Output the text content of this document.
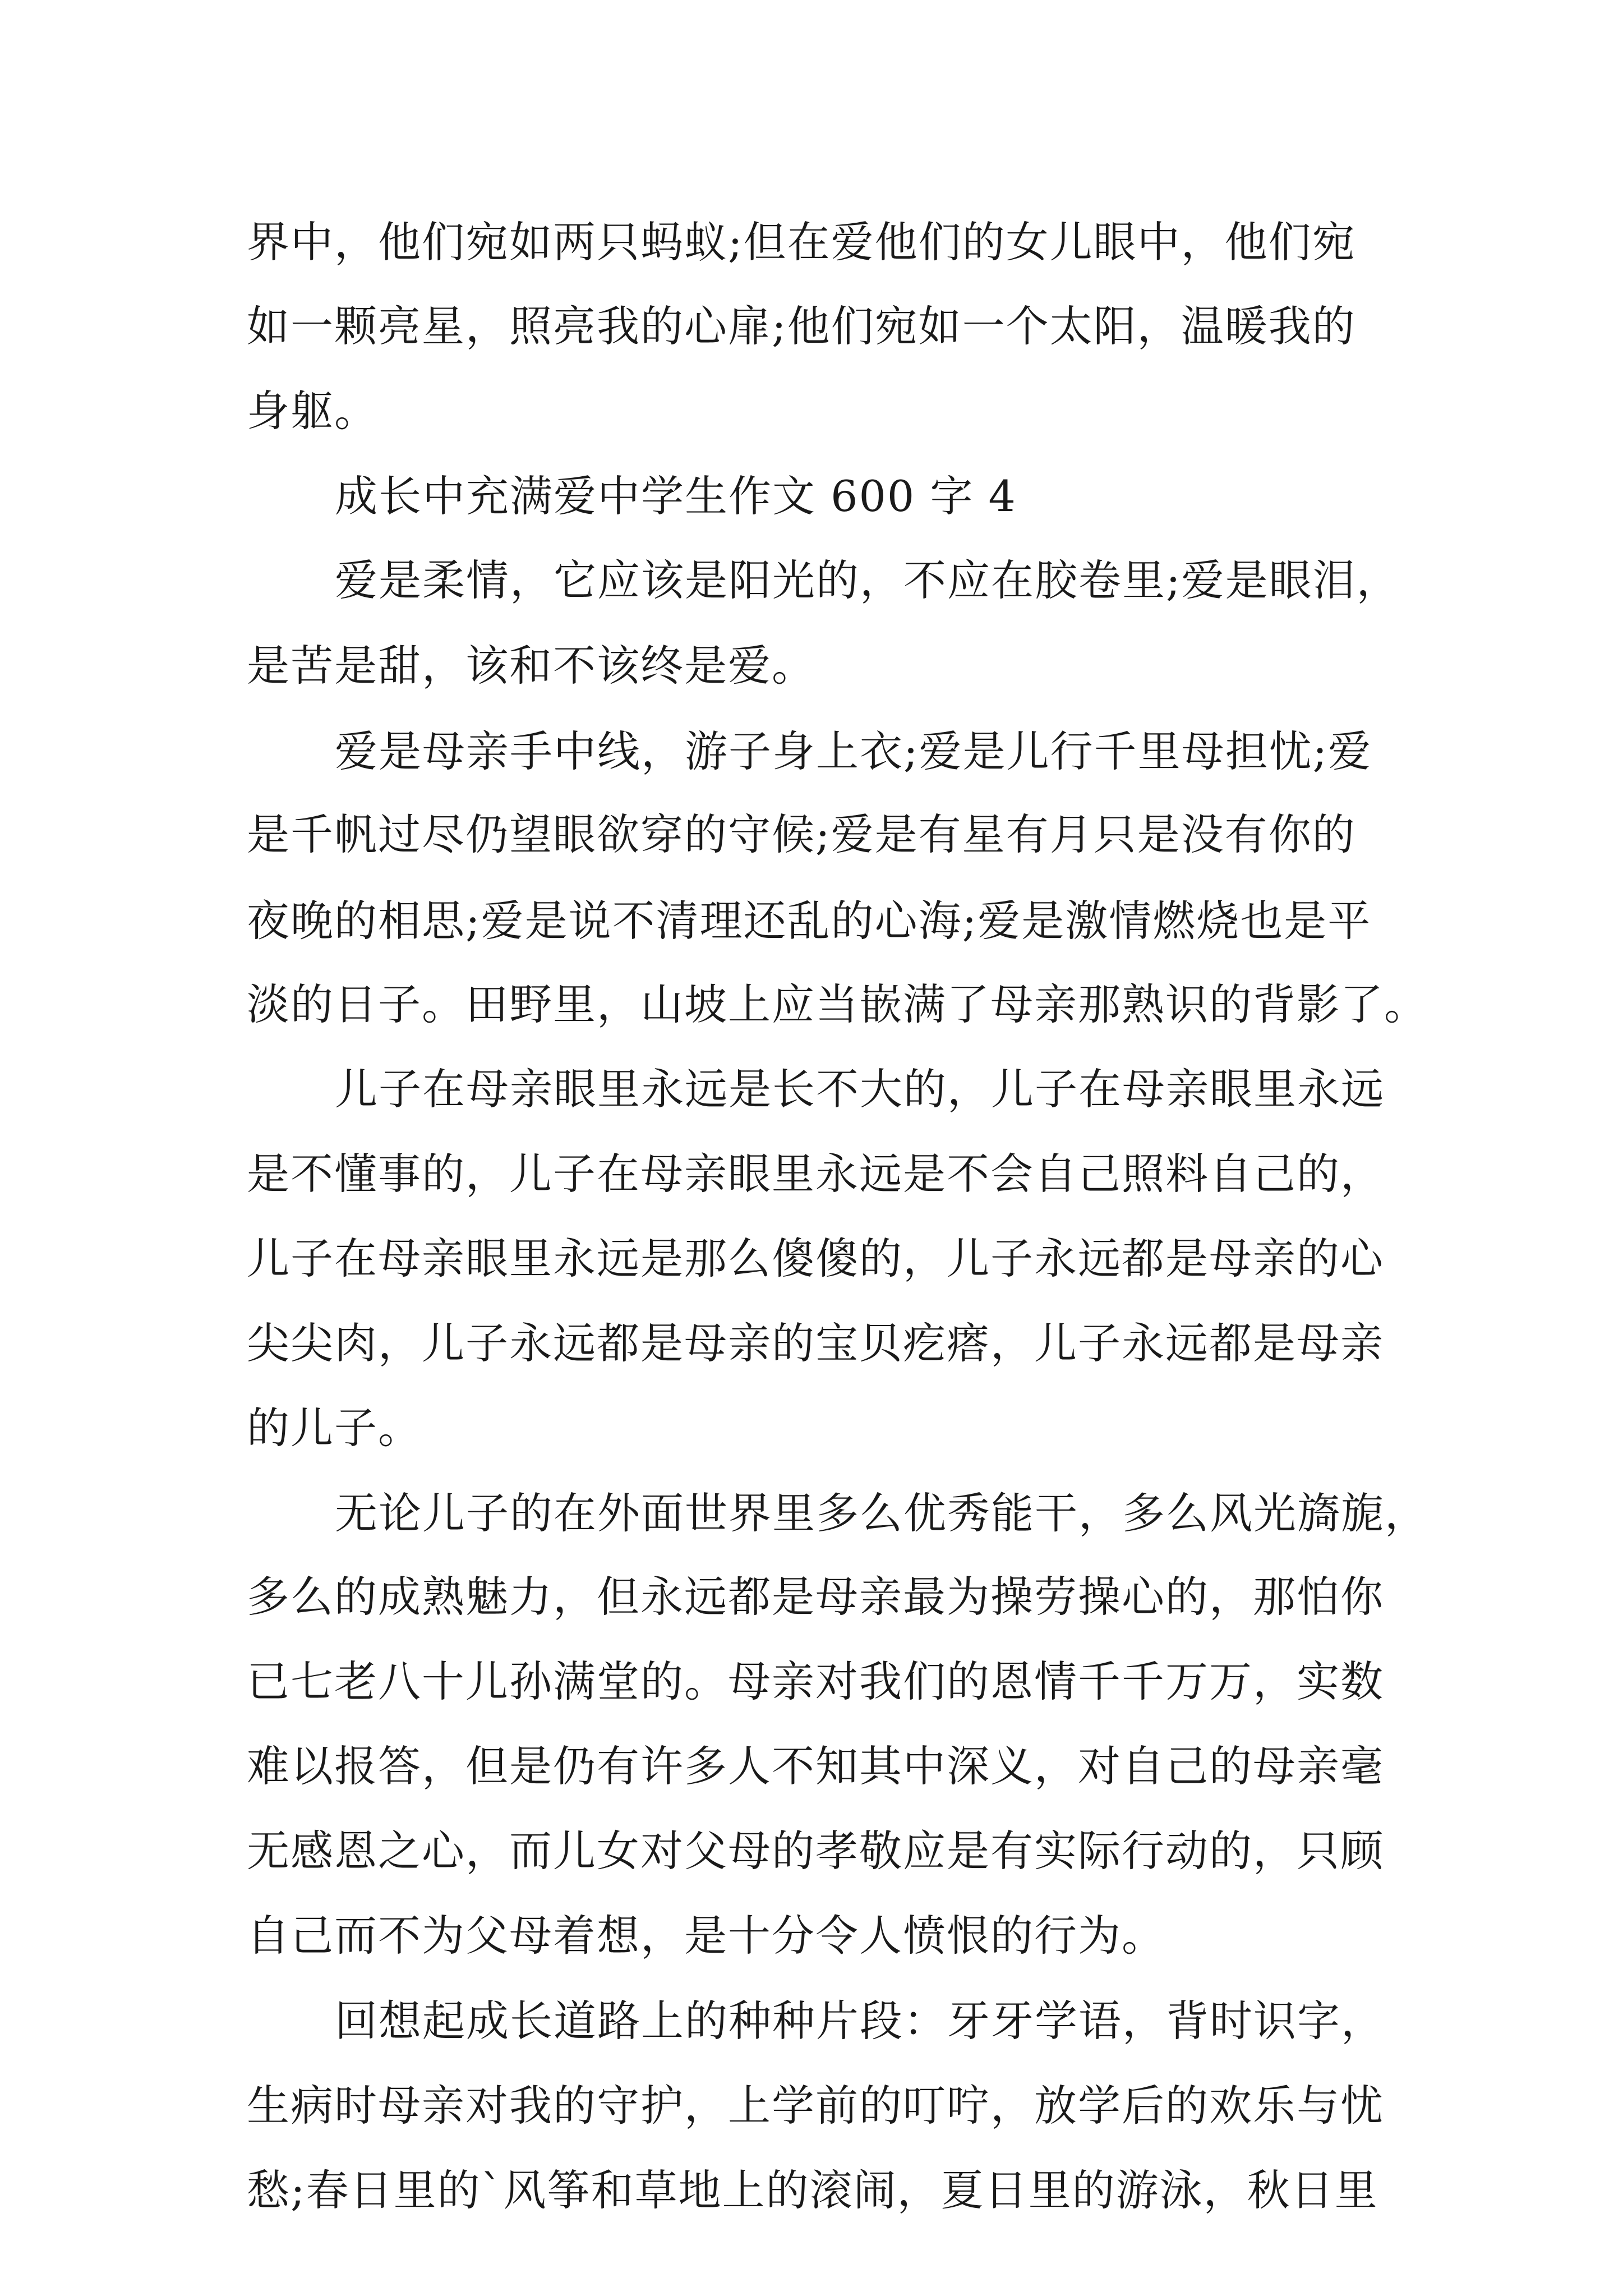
界中，他们宛如两只蚂蚁;但在爱他们的女儿眼中，他们宛
如一颗亮星，照亮我的心扉;他们宛如一个太阳，温暖我的
身躯。
成长中充满爱中学生作文 600 字 4
爱是柔情，它应该是阳光的，不应在胶卷里;爱是眼泪，
是苦是甜，该和不该终是爱。
爱是母亲手中线，游子身上衣;爱是儿行千里母担忧;爱
是千帆过尽仍望眼欲穿的守候;爱是有星有月只是没有你的
夜晚的相思;爱是说不清理还乱的心海;爱是激情燃烧也是平
淡的日子。田野里，山坡上应当嵌满了母亲那熟识的背影了。
儿子在母亲眼里永远是长不大的，儿子在母亲眼里永远
是不懂事的，儿子在母亲眼里永远是不会自己照料自己的，
儿子在母亲眼里永远是那么傻傻的，儿子永远都是母亲的心
尖尖肉，儿子永远都是母亲的宝贝疙瘩，儿子永远都是母亲
的儿子。
无论儿子的在外面世界里多么优秀能干，多么风光旖旎，
多么的成熟魅力，但永远都是母亲最为操劳操心的，那怕你
已七老八十儿孙满堂的。母亲对我们的恩情千千万万，实数
难以报答，但是仍有许多人不知其中深义，对自己的母亲毫
无感恩之心，而儿女对父母的孝敬应是有实际行动的，只顾
自己而不为父母着想，是十分令人愤恨的行为。
回想起成长道路上的种种片段：牙牙学语，背时识字，
生病时母亲对我的守护，上学前的叮咛，放学后的欢乐与忧
愁;春日里的`风筝和草地上的滚闹，夏日里的游泳，秋日里
